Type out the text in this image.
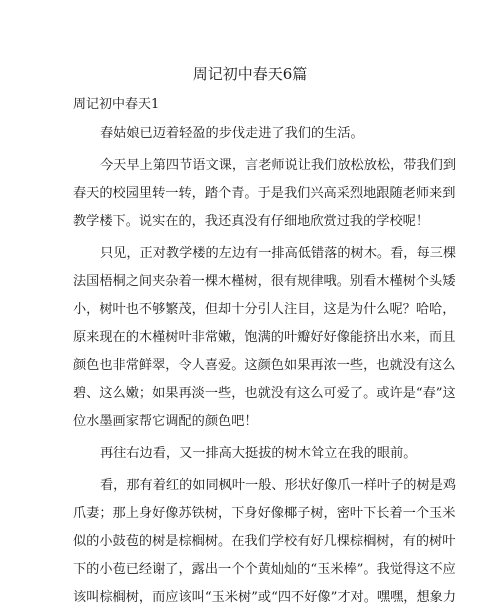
周记初中春天6篇
周记初中春天1
春姑娘已迈着轻盈的步伐走进了我们的生活。
今天早上第四节语文课，言老师说让我们放松放松，带我们到
春天的校园里转一转，踏个青。于是我们兴高采烈地跟随老师来到
教学楼下。说实在的，我还真没有仔细地欣赏过我的学校呢！
只见，正对教学楼的左边有一排高低错落的树木。看，每三棵
法国梧桐之间夹杂着一棵木槿树，很有规律哦。别看木槿树个头矮
小，树叶也不够繁茂，但却十分引人注目，这是为什么呢？哈哈，
原来现在的木槿树叶非常嫩，饱满的叶瓣好好像能挤出水来，而且
颜色也非常鲜翠，令人喜爱。这颜色如果再浓一些，也就没有这么
碧、这么嫩；如果再淡一些，也就没有这么可爱了。或许是“春”这
位水墨画家帮它调配的颜色吧！
再往右边看，又一排高大挺拔的树木耸立在我的眼前。
看，那有着红的如同枫叶一般、形状好像爪一样叶子的树是鸡
爪妻；那上身好像苏铁树，下身好像椰子树，密叶下长着一个玉米
似的小鼓苞的树是棕榈树。在我们学校有好几棵棕榈树，有的树叶
下的小苞已经谢了，露出一个个黄灿灿的“玉米棒”。我觉得这不应
该叫棕榈树，而应该叫“玉米树”或“四不好像”才对。嘿嘿，想象力
